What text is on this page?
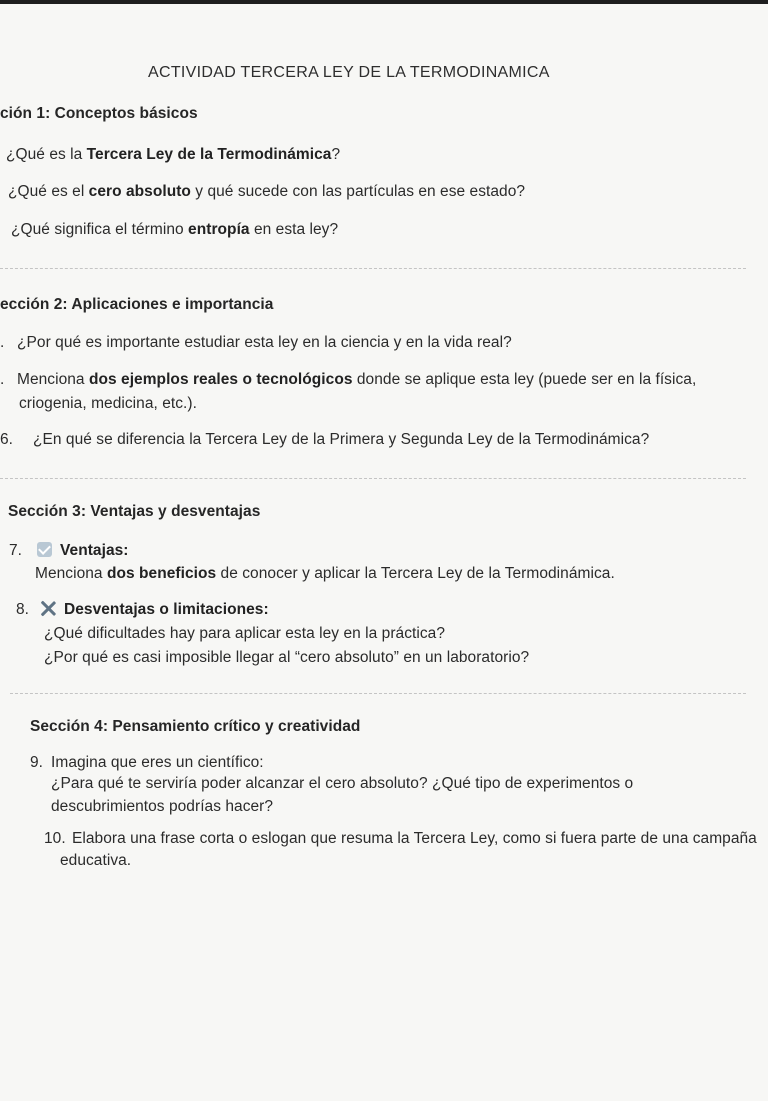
ACTIVIDAD TERCERA LEY DE LA TERMODINAMICA
ción 1: Conceptos básicos
¿Qué es la Tercera Ley de la Termodinámica?
¿Qué es el cero absoluto y qué sucede con las partículas en ese estado?
¿Qué significa el término entropía en esta ley?
ección 2: Aplicaciones e importancia
. ¿Por qué es importante estudiar esta ley en la ciencia y en la vida real?
. Menciona dos ejemplos reales o tecnológicos donde se aplique esta ley (puede ser en la física,
criogenia, medicina, etc.).
6. ¿En qué se diferencia la Tercera Ley de la Primera y Segunda Ley de la Termodinámica?
Sección 3: Ventajas y desventajas
7. Ventajas:
Menciona dos beneficios de conocer y aplicar la Tercera Ley de la Termodinámica.
8. Desventajas o limitaciones:
¿Qué dificultades hay para aplicar esta ley en la práctica?
¿Por qué es casi imposible llegar al “cero absoluto” en un laboratorio?
Sección 4: Pensamiento crítico y creatividad
9. Imagina que eres un científico:
¿Para qué te serviría poder alcanzar el cero absoluto? ¿Qué tipo de experimentos o
descubrimientos podrías hacer?
10. Elabora una frase corta o eslogan que resuma la Tercera Ley, como si fuera parte de una campaña
educativa.
